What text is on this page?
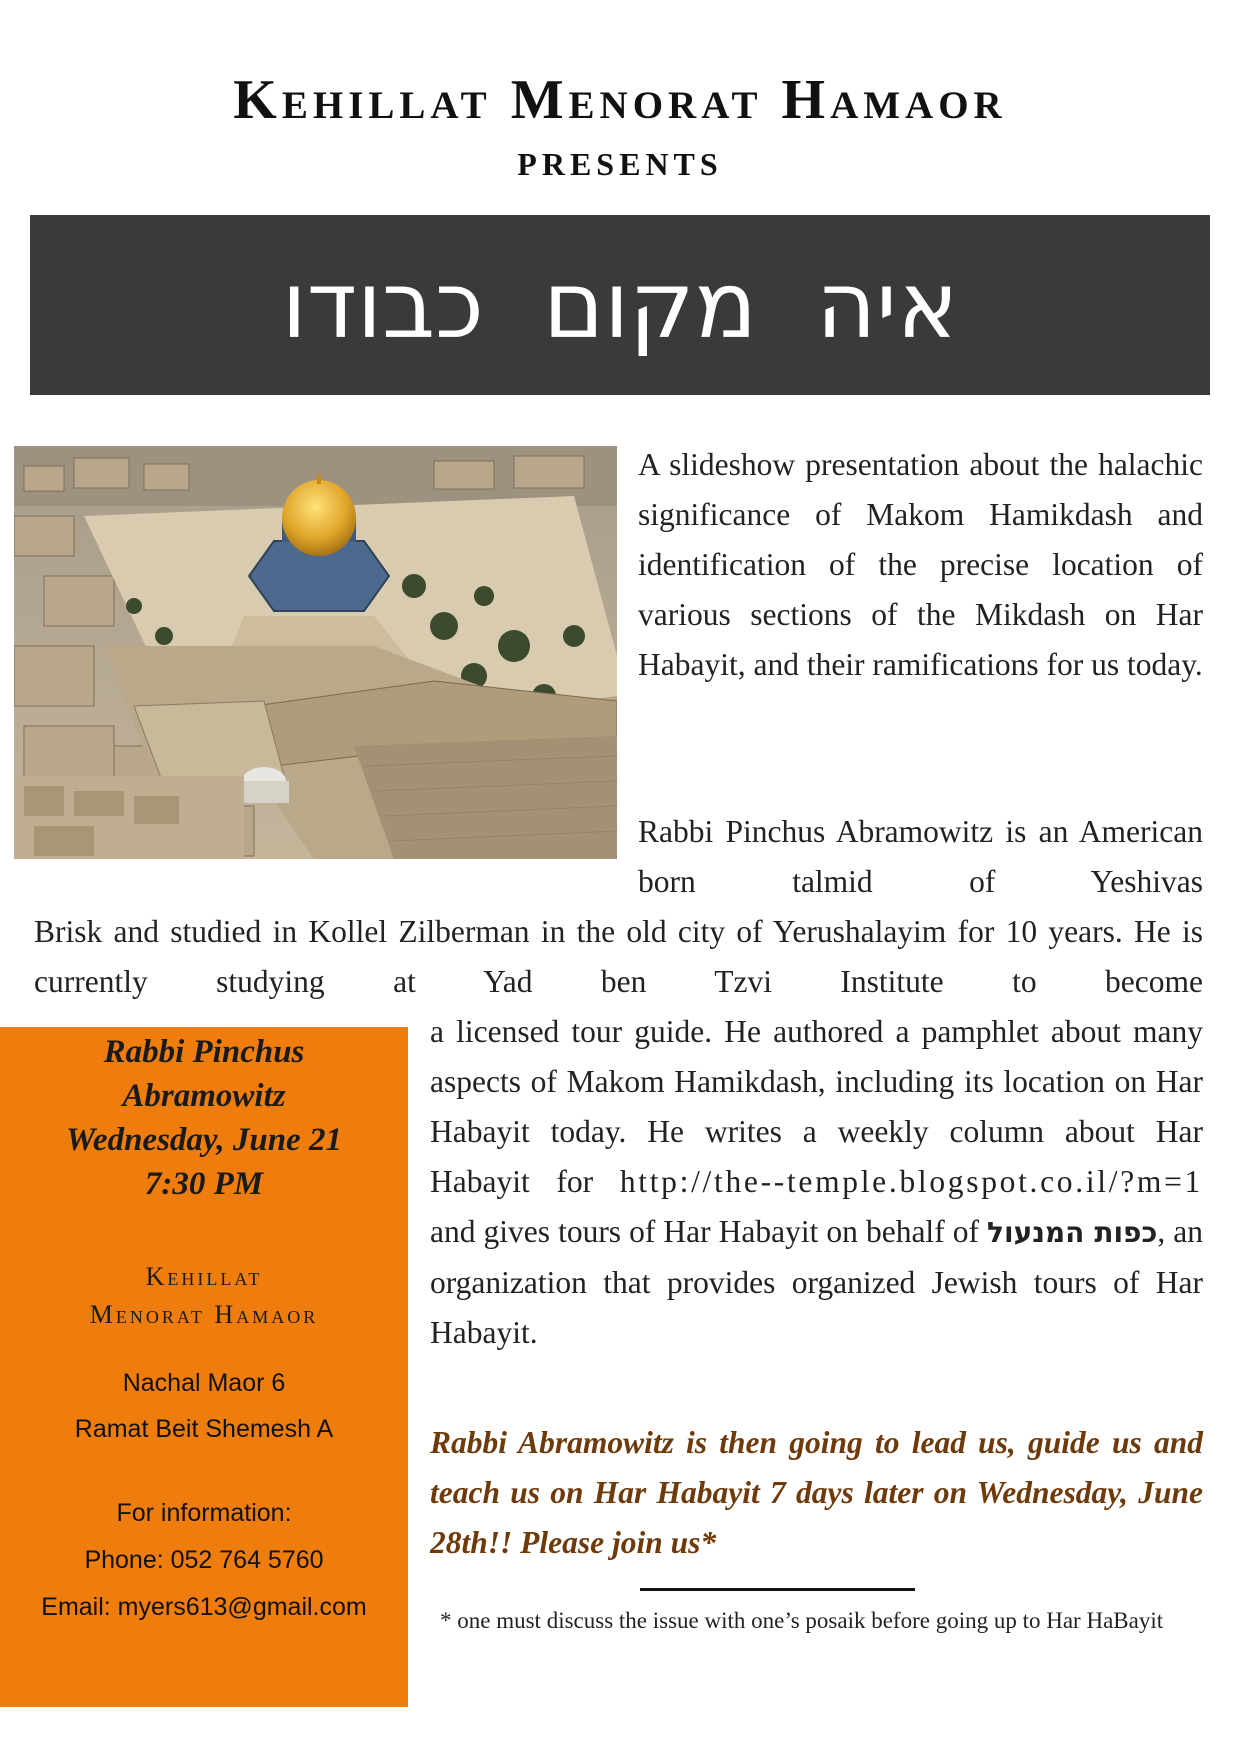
Kehillat Menorat Hamaor
PRESENTS
איה מקום כבודו
A slideshow presentation about the halachic significance of Makom Hamikdash and identification of the precise location of various sections of the Mikdash on Har Habayit, and their ramifications for us today.
Rabbi Pinchus Abramowitz is an American born talmid of Yeshivas
Brisk and studied in Kollel Zilberman in the old city of Yerushalayim for 10 years. He is currently studying at Yad ben Tzvi Institute to become
a licensed tour guide. He authored a pamphlet about many aspects of Makom Hamikdash, including its location on Har Habayit today. He writes a weekly column about Har Habayit for http://the--temple.blogspot.co.il/?m=1 and gives tours of Har Habayit on behalf of כפות המנעול, an organization that provides organized Jewish tours of Har Habayit.
Rabbi Pinchus
Abramowitz
Wednesday, June 21
7:30 PM
Kehillat
Menorat Hamaor
Nachal Maor 6
Ramat Beit Shemesh A
For information:
Phone: 052 764 5760
Email: myers613@gmail.com
Rabbi Abramowitz is then going to lead us, guide us and teach us on Har Habayit 7 days later on Wednesday, June 28th!! Please join us*
* one must discuss the issue with one’s posaik before going up to Har HaBayit
